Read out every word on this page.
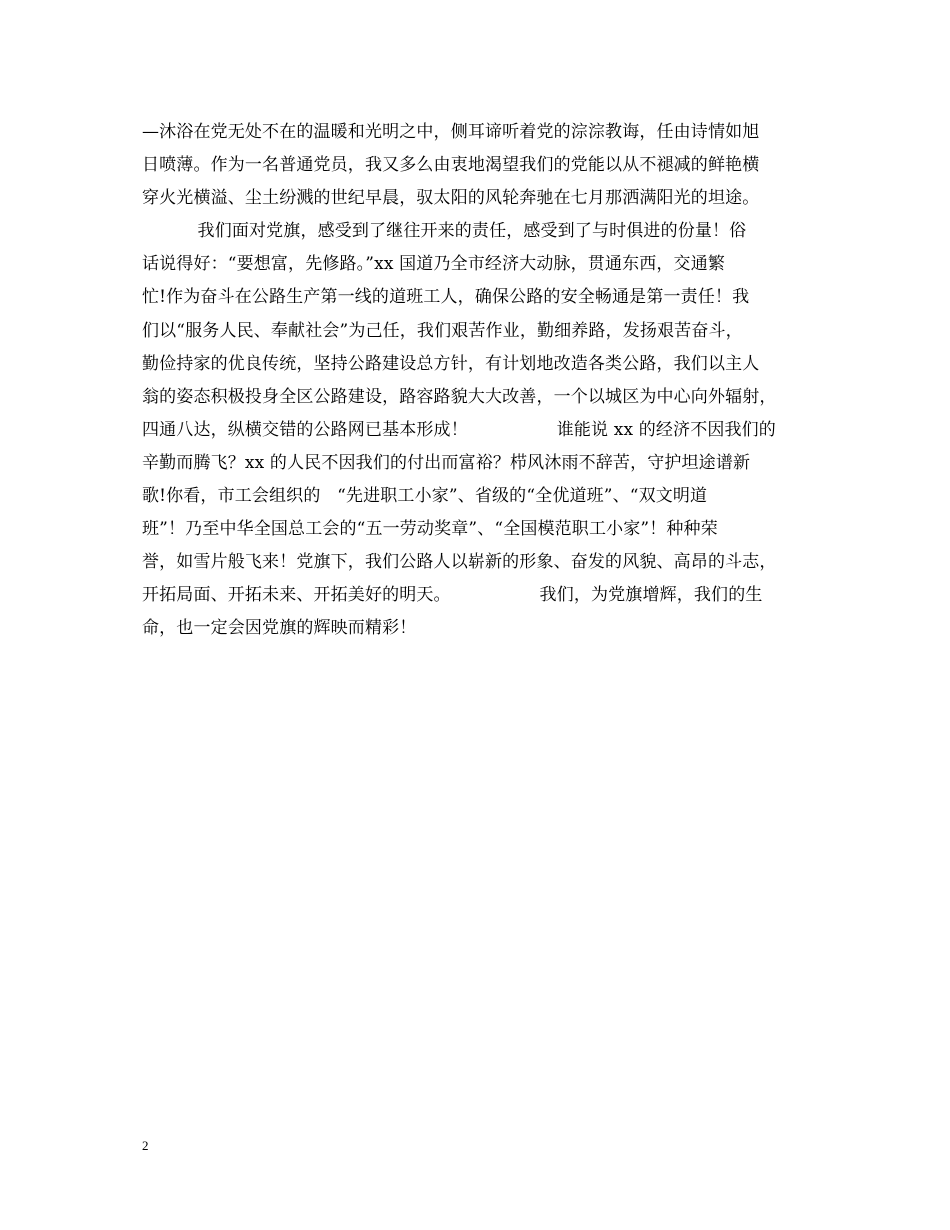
—沐浴在党无处不在的温暖和光明之中，侧耳谛听着党的淙淙教诲，任由诗情如旭
日喷薄。作为一名普通党员，我又多么由衷地渴望我们的党能以从不褪减的鲜艳横
穿火光横溢、尘土纷溅的世纪早晨，驭太阳的风轮奔驰在七月那洒满阳光的坦途。
我们面对党旗，感受到了继往开来的责任，感受到了与时俱进的份量！俗
话说得好：“要想富，先修路。”xx 国道乃全市经济大动脉，贯通东西，交通繁
忙!作为奋斗在公路生产第一线的道班工人，确保公路的安全畅通是第一责任！我
们以“服务人民、奉献社会”为己任，我们艰苦作业，勤细养路，发扬艰苦奋斗，
勤俭持家的优良传统，坚持公路建设总方针，有计划地改造各类公路，我们以主人
翁的姿态积极投身全区公路建设，路容路貌大大改善，一个以城区为中心向外辐射，
四通八达，纵横交错的公路网已基本形成！                谁能说 xx 的经济不因我们的
辛勤而腾飞？xx 的人民不因我们的付出而富裕？栉风沐雨不辞苦，守护坦途谱新
歌!你看，市工会组织的   “先进职工小家”、省级的“全优道班”、“双文明道
班”！乃至中华全国总工会的“五一劳动奖章”、“全国模范职工小家”！种种荣
誉，如雪片般飞来！党旗下，我们公路人以崭新的形象、奋发的风貌、高昂的斗志，
开拓局面、开拓未来、开拓美好的明天。                我们，为党旗增辉，我们的生
命，也一定会因党旗的辉映而精彩！
2
